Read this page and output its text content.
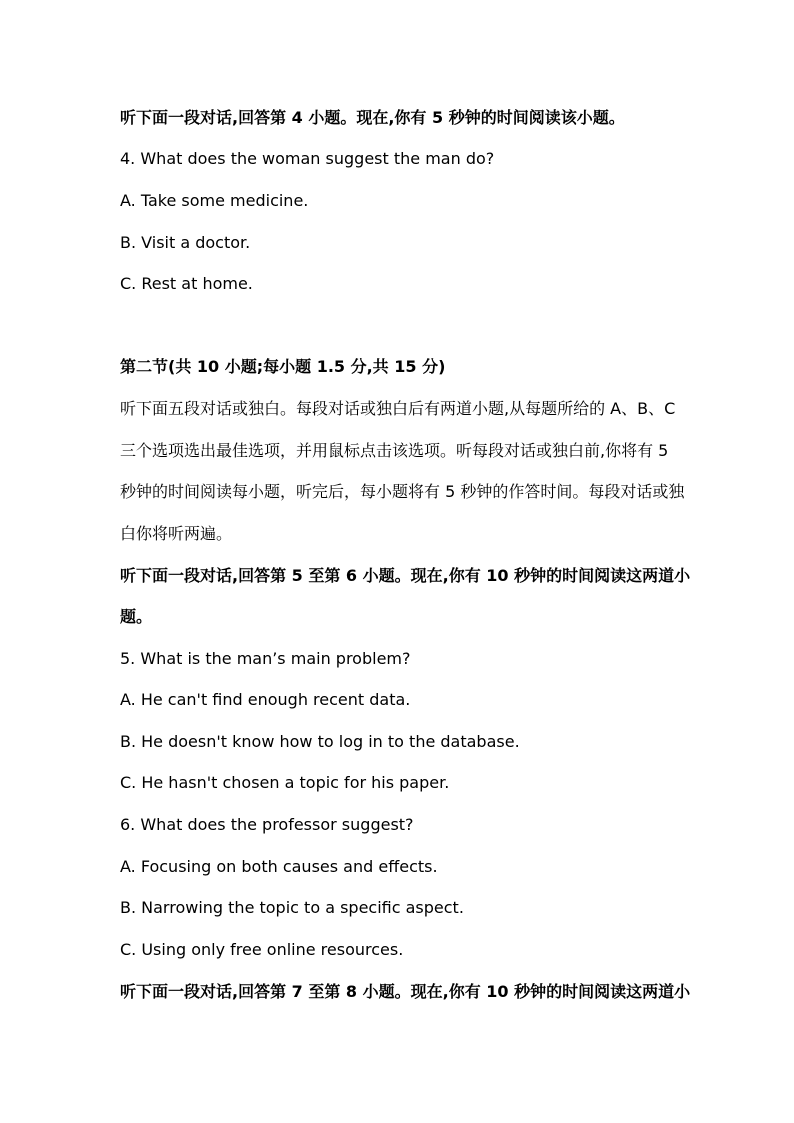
听下面一段对话,回答第 4 小题。现在,你有 5 秒钟的时间阅读该小题。
4. What does the woman suggest the man do?
A. Take some medicine.
B. Visit a doctor.
C. Rest at home.
第二节(共 10 小题;每小题 1.5 分,共 15 分)
听下面五段对话或独白。每段对话或独白后有两道小题,从每题所给的 A、B、C
三个选项选出最佳选项，并用鼠标点击该选项。听每段对话或独白前,你将有 5
秒钟的时间阅读每小题，听完后，每小题将有 5 秒钟的作答时间。每段对话或独
白你将听两遍。
听下面一段对话,回答第 5 至第 6 小题。现在,你有 10 秒钟的时间阅读这两道小
题。
5. What is the man’s main problem?
A. He can't find enough recent data.
B. He doesn't know how to log in to the database.
C. He hasn't chosen a topic for his paper.
6. What does the professor suggest?
A. Focusing on both causes and effects.
B. Narrowing the topic to a specific aspect.
C. Using only free online resources.
听下面一段对话,回答第 7 至第 8 小题。现在,你有 10 秒钟的时间阅读这两道小
